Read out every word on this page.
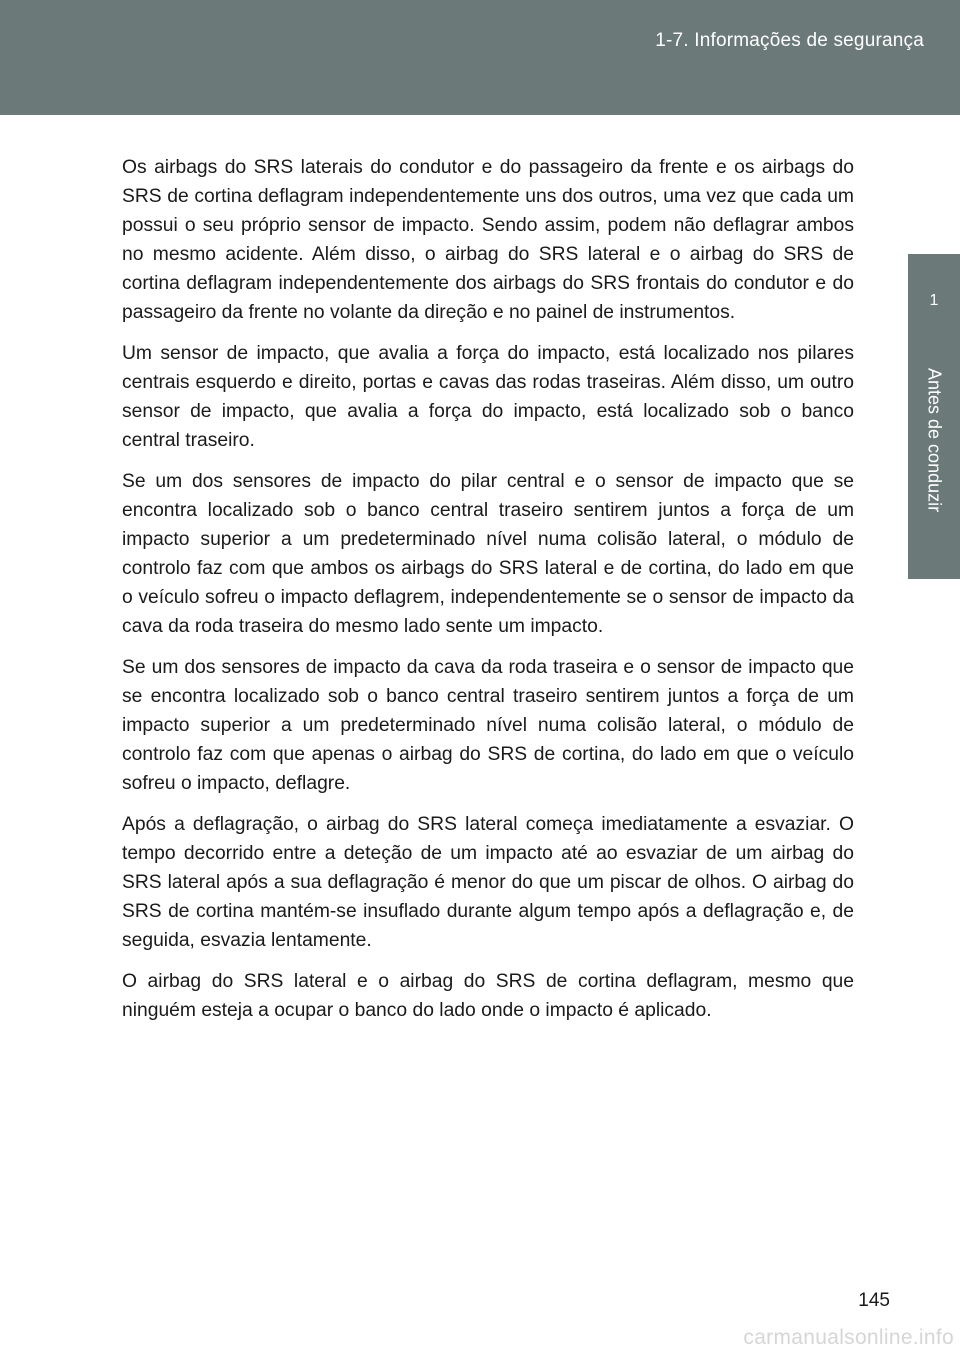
1-7. Informações de segurança
1
Antes de conduzir

Os airbags do SRS laterais do condutor e do passageiro da frente e os airbags do SRS de cortina deflagram independentemente uns dos outros, uma vez que cada um possui o seu próprio sensor de impacto. Sendo assim, podem não deflagrar ambos no mesmo acidente. Além disso, o airbag do SRS lateral e o airbag do SRS de cortina deflagram independentemente dos airbags do SRS frontais do condutor e do passageiro da frente no volante da direção e no painel de instrumentos.

Um sensor de impacto, que avalia a força do impacto, está localizado nos pilares centrais esquerdo e direito, portas e cavas das rodas traseiras. Além disso, um outro sensor de impacto, que avalia a força do impacto, está localizado sob o banco central traseiro.

Se um dos sensores de impacto do pilar central e o sensor de impacto que se encontra localizado sob o banco central traseiro sentirem juntos a força de um impacto superior a um predeterminado nível numa colisão lateral, o módulo de controlo faz com que ambos os airbags do SRS lateral e de cortina, do lado em que o veículo sofreu o impacto deflagrem, independentemente se o sensor de impacto da cava da roda traseira do mesmo lado sente um impacto.

Se um dos sensores de impacto da cava da roda traseira e o sensor de impacto que se encontra localizado sob o banco central traseiro sentirem juntos a força de um impacto superior a um predeterminado nível numa colisão lateral, o módulo de controlo faz com que apenas o airbag do SRS de cortina, do lado em que o veículo sofreu o impacto, deflagre.

Após a deflagração, o airbag do SRS lateral começa imediatamente a esvaziar. O tempo decorrido entre a deteção de um impacto até ao esvaziar de um airbag do SRS lateral após a sua deflagração é menor do que um piscar de olhos. O airbag do SRS de cortina mantém-se insuflado durante algum tempo após a deflagração e, de seguida, esvazia lentamente.

O airbag do SRS lateral e o airbag do SRS de cortina deflagram, mesmo que ninguém esteja a ocupar o banco do lado onde o impacto é aplicado.

145
carmanualsonline.info
